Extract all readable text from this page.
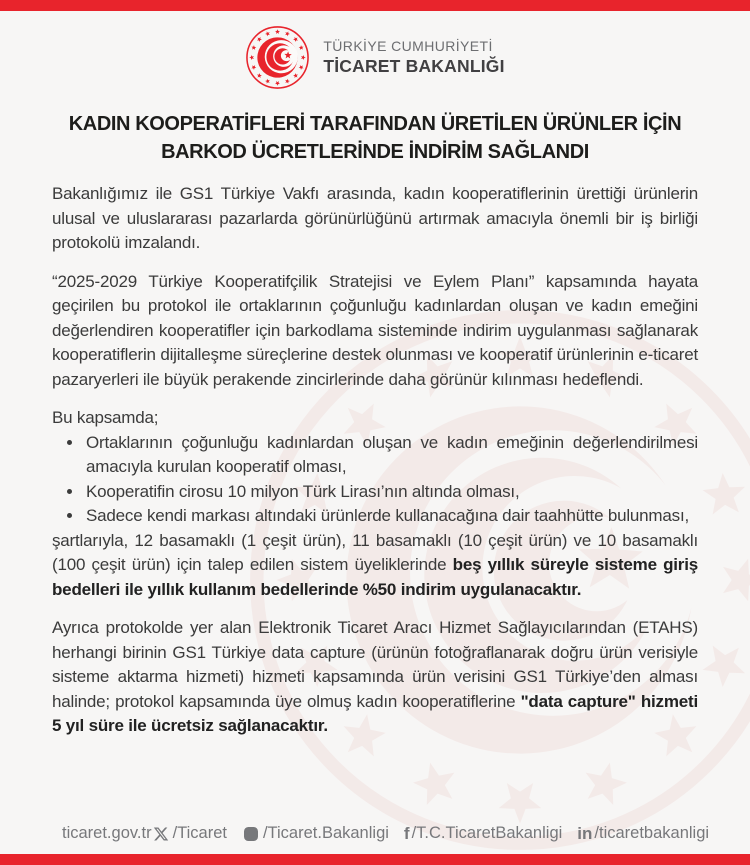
TÜRKİYE CUMHURİYETİ
TİCARET BAKANLIĞI
KADIN KOOPERATİFLERİ TARAFINDAN ÜRETİLEN ÜRÜNLER İÇİN
BARKOD ÜCRETLERİNDE İNDİRİM SAĞLANDI

Bakanlığımız ile GS1 Türkiye Vakfı arasında, kadın kooperatiflerinin ürettiği ürünlerin ulusal ve uluslararası pazarlarda görünürlüğünü artırmak amacıyla önemli bir iş birliği protokolü imzalandı.

“2025-2029 Türkiye Kooperatifçilik Stratejisi ve Eylem Planı” kapsamında hayata geçirilen bu protokol ile ortaklarının çoğunluğu kadınlardan oluşan ve kadın emeğini değerlendiren kooperatifler için barkodlama sisteminde indirim uygulanması sağlanarak kooperatiflerin dijitalleşme süreçlerine destek olunması ve kooperatif ürünlerinin e-ticaret pazaryerleri ile büyük perakende zincirlerinde daha görünür kılınması hedeflendi.

Bu kapsamda;

• Ortaklarının çoğunluğu kadınlardan oluşan ve kadın emeğinin değerlendirilmesi amacıyla kurulan kooperatif olması,
• Kooperatifin cirosu 10 milyon Türk Lirası’nın altında olması,
• Sadece kendi markası altındaki ürünlerde kullanacağına dair taahhütte bulunması,

şartlarıyla, 12 basamaklı (1 çeşit ürün), 11 basamaklı (10 çeşit ürün) ve 10 basamaklı (100 çeşit ürün) için talep edilen sistem üyeliklerinde beş yıllık süreyle sisteme giriş bedelleri ile yıllık kullanım bedellerinde %50 indirim uygulanacaktır.

Ayrıca protokolde yer alan Elektronik Ticaret Aracı Hizmet Sağlayıcılarından (ETAHS) herhangi birinin GS1 Türkiye data capture (ürünün fotoğraflanarak doğru ürün verisiyle sisteme aktarma hizmeti) hizmeti kapsamında ürün verisini GS1 Türkiye’den alması halinde; protokol kapsamında üye olmuş kadın kooperatiflerine "data capture" hizmeti 5 yıl süre ile ücretsiz sağlanacaktır.

ticaret.gov.tr /Ticaret /Ticaret.Bakanligi f /T.C.TicaretBakanligi in /ticaretbakanligi
